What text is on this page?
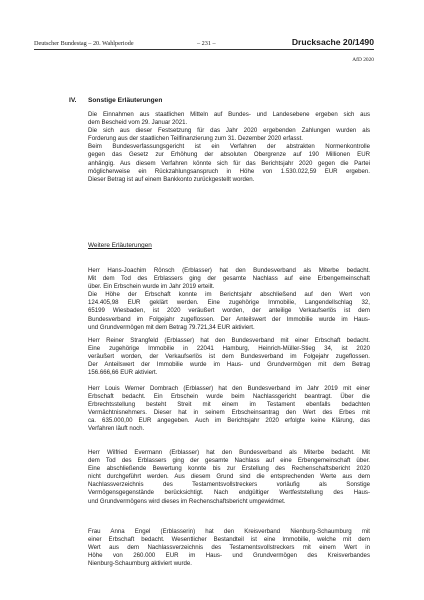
Deutscher Bundestag – 20. Wahlperiode	– 231 –	Drucksache 20/1490
AfD 2020
IV. Sonstige Erläuterungen

Die Einnahmen aus staatlichen Mitteln auf Bundes- und Landesebene ergeben sich aus
dem Bescheid vom 29. Januar 2021.
Die sich aus dieser Festsetzung für das Jahr 2020 ergebenden Zahlungen wurden als
Forderung aus der staatlichen Teilfinanzierung zum 31. Dezember 2020 erfasst.
Beim Bundesverfassungsgericht ist ein Verfahren der abstrakten Normenkontrolle
gegen das Gesetz zur Erhöhung der absoluten Obergrenze auf 190 Millionen EUR
anhängig. Aus diesem Verfahren könnte sich für das Berichtsjahr 2020 gegen die Partei
möglicherweise ein Rückzahlungsanspruch in Höhe von 1.530.022,59 EUR ergeben.
Dieser Betrag ist auf einem Bankkonto zurückgestellt worden.

Weitere Erläuterungen

Herr Hans-Joachim Rönsch (Erblasser) hat den Bundesverband als Miterbe bedacht.
Mit dem Tod des Erblassers ging der gesamte Nachlass auf eine Erbengemeinschaft
über. Ein Erbschein wurde im Jahr 2019 erteilt.
Die Höhe der Erbschaft konnte im Berichtsjahr abschließend auf den Wert von
124.405,98 EUR geklärt werden. Eine zugehörige Immobilie, Langendellschlag 32,
65199 Wiesbaden, ist 2020 veräußert worden, der anteilige Verkaufserlös ist dem
Bundesverband im Folgejahr zugeflossen. Der Anteilswert der Immobilie wurde im Haus-
und Grundvermögen mit dem Betrag 79.721,34 EUR aktiviert.

Herr Reiner Strangfeld (Erblasser) hat den Bundesverband mit einer Erbschaft bedacht.
Eine zugehörige Immobilie in 22041 Hamburg, Heinrich-Müller-Stieg 34, ist 2020
veräußert worden, der Verkaufserlös ist dem Bundesverband im Folgejahr zugeflossen.
Der Anteilswert der Immobilie wurde im Haus- und Grundvermögen mit dem Betrag
156.666,66 EUR aktiviert.

Herr Louis Werner Dombrach (Erblasser) hat den Bundesverband im Jahr 2019 mit einer
Erbschaft bedacht. Ein Erbschein wurde beim Nachlassgericht beantragt. Über die
Erbrechtsstellung besteht Streit mit einem im Testament ebenfalls bedachten
Vermächtnisnehmers. Dieser hat in seinem Erbscheinsantrag den Wert des Erbes mit
ca. 635.000,00 EUR angegeben. Auch im Berichtsjahr 2020 erfolgte keine Klärung, das
Verfahren läuft noch.

Herr Wilfried Evermann (Erblasser) hat den Bundesverband als Miterbe bedacht. Mit
dem Tod des Erblassers ging der gesamte Nachlass auf eine Erbengemeinschaft über.
Eine abschließende Bewertung konnte bis zur Erstellung des Rechenschaftsbericht 2020
nicht durchgeführt werden. Aus diesem Grund sind die entsprechenden Werte aus dem
Nachlassverzeichnis des Testamentsvollstreckers vorläufig als Sonstige
Vermögensgegenstände berücksichtigt. Nach endgültiger Wertfeststellung des Haus-
und Grundvermögens wird dieses im Rechenschaftsbericht umgewidmet.

Frau Anna Engel (Erblasserin) hat den Kreisverband Nienburg-Schaumburg mit
einer Erbschaft bedacht. Wesentlicher Bestandteil ist eine Immobilie, welche mit dem
Wert aus dem Nachlassverzeichnis des Testamentsvollstreckers mit einem Wert in
Höhe von 260.000 EUR im Haus- und Grundvermögen des Kreisverbandes
Nienburg-Schaumburg aktiviert wurde.
